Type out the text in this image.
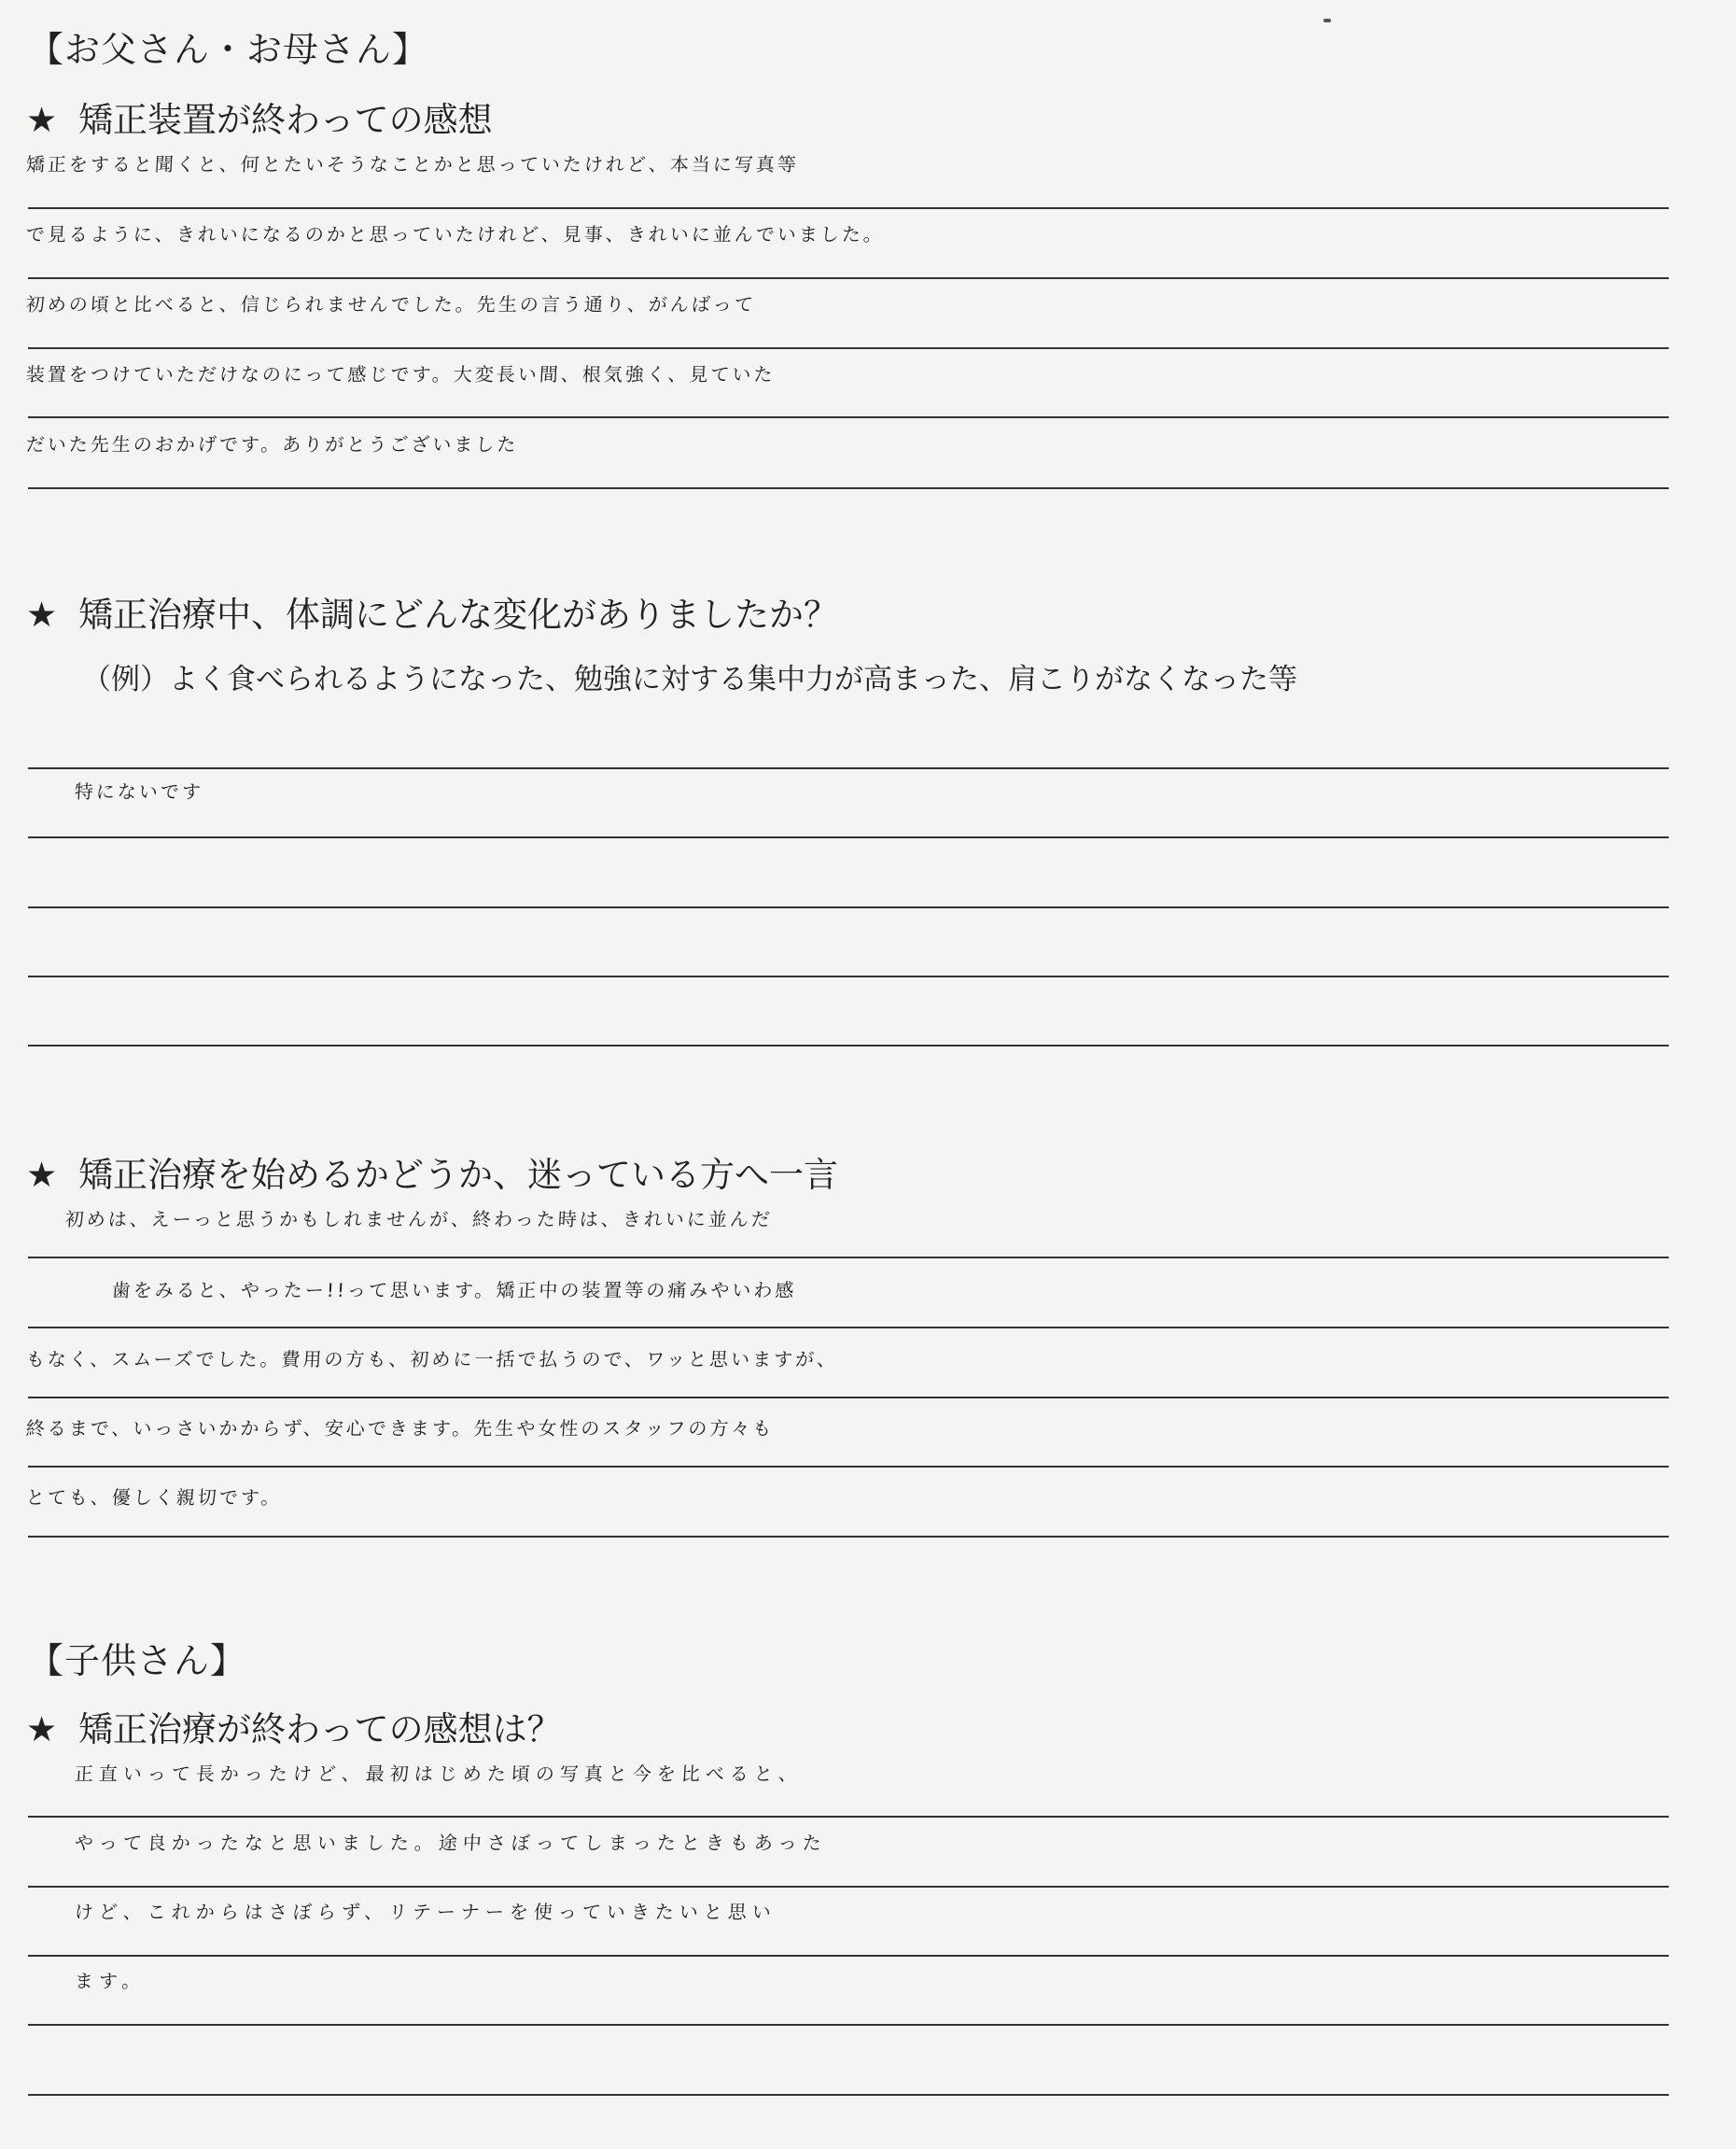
【お父さん・お母さん】
★ 矯正装置が終わっての感想
矯正をすると聞くと、何とたいそうなことかと思っていたけれど、本当に写真等
で見るように、きれいになるのかと思っていたけれど、見事、きれいに並んでいました。
初めの頃と比べると、信じられませんでした。先生の言う通り、がんばって
装置をつけていただけなのにって感じです。大変長い間、根気強く、見ていた
だいた先生のおかげです。ありがとうございました
★ 矯正治療中、体調にどんな変化がありましたか？
（例）よく食べられるようになった、勉強に対する集中力が高まった、肩こりがなくなった等
特にないです
★ 矯正治療を始めるかどうか、迷っている方へ一言
初めは、えーっと思うかもしれませんが、終わった時は、きれいに並んだ
歯をみると、やったー!!って思います。矯正中の装置等の痛みやいわ感
もなく、スムーズでした。費用の方も、初めに一括で払うので、ワッと思いますが、
終るまで、いっさいかからず、安心できます。先生や女性のスタッフの方々も
とても、優しく親切です。
【子供さん】
★ 矯正治療が終わっての感想は？
正直いって長かったけど、最初はじめた頃の写真と今を比べると、
やって良かったなと思いました。途中さぼってしまったときもあった
けど、これからはさぼらず、リテーナーを使っていきたいと思い
ます。
